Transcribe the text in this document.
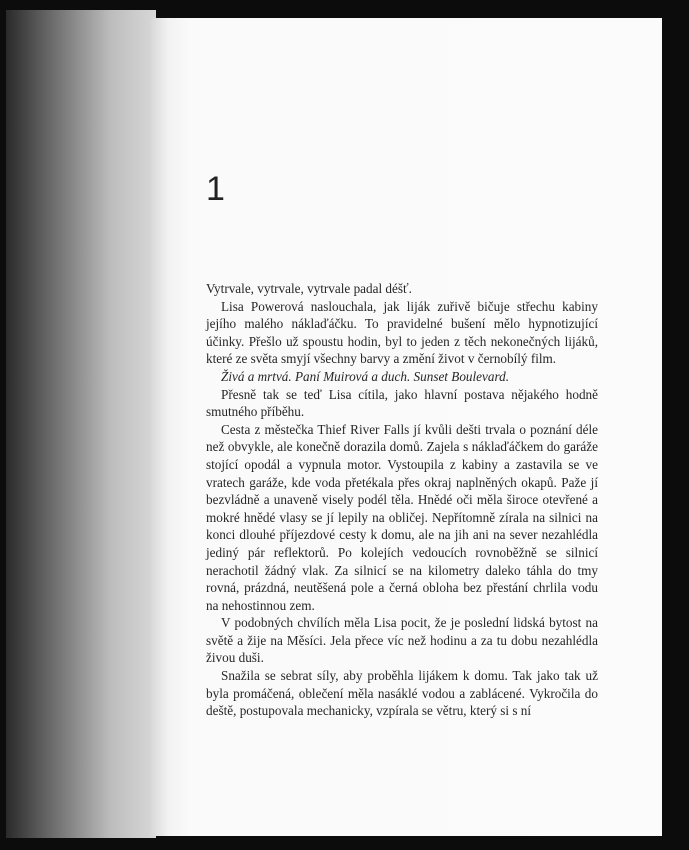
1

Vytrvale, vytrvale, vytrvale padal déšť.

Lisa Powerová naslouchala, jak liják zuřivě bičuje střechu kabiny jejího malého náklaďáčku. To pravidelné bušení mělo hypnotizující účinky. Přešlo už spoustu hodin, byl to jeden z těch nekonečných lijáků, které ze světa smyjí všechny barvy a změní život v černobílý film.

Živá a mrtvá. Paní Muirová a duch. Sunset Boulevard.

Přesně tak se teď Lisa cítila, jako hlavní postava nějakého hodně smutného příběhu.

Cesta z městečka Thief River Falls jí kvůli dešti trvala o poznání déle než obvykle, ale konečně dorazila domů. Zajela s náklaďáčkem do garáže stojící opodál a vypnula motor. Vystoupila z kabiny a zastavila se ve vratech garáže, kde voda přetékala přes okraj naplněných okapů. Paže jí bezvládně a unaveně visely podél těla. Hnědé oči měla široce otevřené a mokré hnědé vlasy se jí lepily na obličej. Nepřítomně zírala na silnici na konci dlouhé příjezdové cesty k domu, ale na jih ani na sever nezahlédla jediný pár reflektorů. Po kolejích vedoucích rovnoběžně se silnicí nerachotil žádný vlak. Za silnicí se na kilometry daleko táhla do tmy rovná, prázdná, neutěšená pole a černá obloha bez přestání chrlila vodu na nehostinnou zem.

V podobných chvílích měla Lisa pocit, že je poslední lidská bytost na světě a žije na Měsíci. Jela přece víc než hodinu a za tu dobu nezahlédla živou duši.

Snažila se sebrat síly, aby proběhla lijákem k domu. Tak jako tak už byla promáčená, oblečení měla nasáklé vodou a zablácené. Vykročila do deště, postupovala mechanicky, vzpírala se větru, který si s ní
